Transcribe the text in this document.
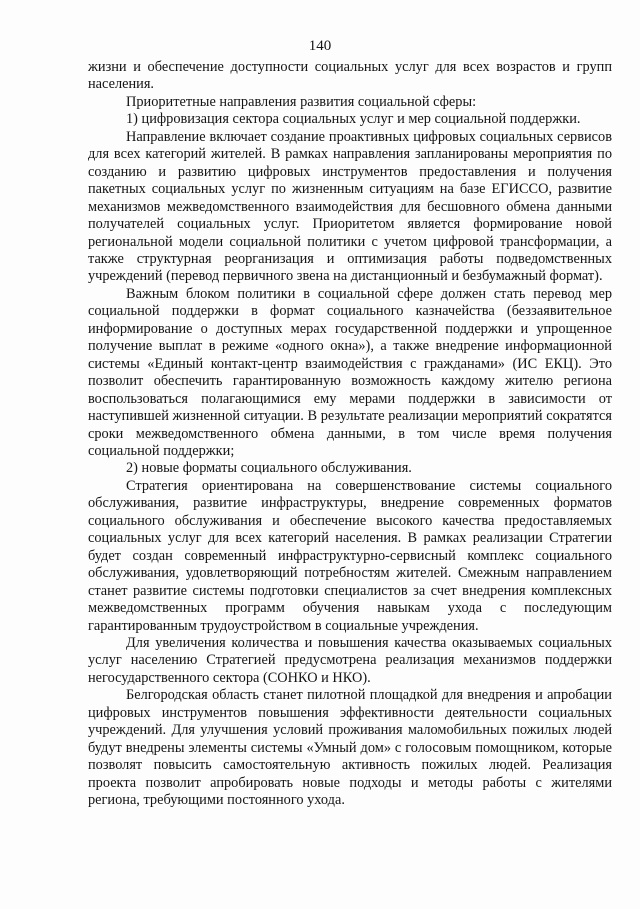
140

жизни и обеспечение доступности социальных услуг для всех возрастов и групп населения.

Приоритетные направления развития социальной сферы:

1) цифровизация сектора социальных услуг и мер социальной поддержки.

Направление включает создание проактивных цифровых социальных сервисов для всех категорий жителей. В рамках направления запланированы мероприятия по созданию и развитию цифровых инструментов предоставления и получения пакетных социальных услуг по жизненным ситуациям на базе ЕГИССО, развитие механизмов межведомственного взаимодействия для бесшовного обмена данными получателей социальных услуг. Приоритетом является формирование новой региональной модели социальной политики с учетом цифровой трансформации, а также структурная реорганизация и оптимизация работы подведомственных учреждений (перевод первичного звена на дистанционный и безбумажный формат).

Важным блоком политики в социальной сфере должен стать перевод мер социальной поддержки в формат социального казначейства (беззаявительное информирование о доступных мерах государственной поддержки и упрощенное получение выплат в режиме «одного окна»), а также внедрение информационной системы «Единый контакт-центр взаимодействия с гражданами» (ИС ЕКЦ). Это позволит обеспечить гарантированную возможность каждому жителю региона воспользоваться полагающимися ему мерами поддержки в зависимости от наступившей жизненной ситуации. В результате реализации мероприятий сократятся сроки межведомственного обмена данными, в том числе время получения социальной поддержки;

2) новые форматы социального обслуживания.

Стратегия ориентирована на совершенствование системы социального обслуживания, развитие инфраструктуры, внедрение современных форматов социального обслуживания и обеспечение высокого качества предоставляемых социальных услуг для всех категорий населения. В рамках реализации Стратегии будет создан современный инфраструктурно-сервисный комплекс социального обслуживания, удовлетворяющий потребностям жителей. Смежным направлением станет развитие системы подготовки специалистов за счет внедрения комплексных межведомственных программ обучения навыкам ухода с последующим гарантированным трудоустройством в социальные учреждения.

Для увеличения количества и повышения качества оказываемых социальных услуг населению Стратегией предусмотрена реализация механизмов поддержки негосударственного сектора (СОНКО и НКО).

Белгородская область станет пилотной площадкой для внедрения и апробации цифровых инструментов повышения эффективности деятельности социальных учреждений. Для улучшения условий проживания маломобильных пожилых людей будут внедрены элементы системы «Умный дом» с голосовым помощником, которые позволят повысить самостоятельную активность пожилых людей. Реализация проекта позволит апробировать новые подходы и методы работы с жителями региона, требующими постоянного ухода.
